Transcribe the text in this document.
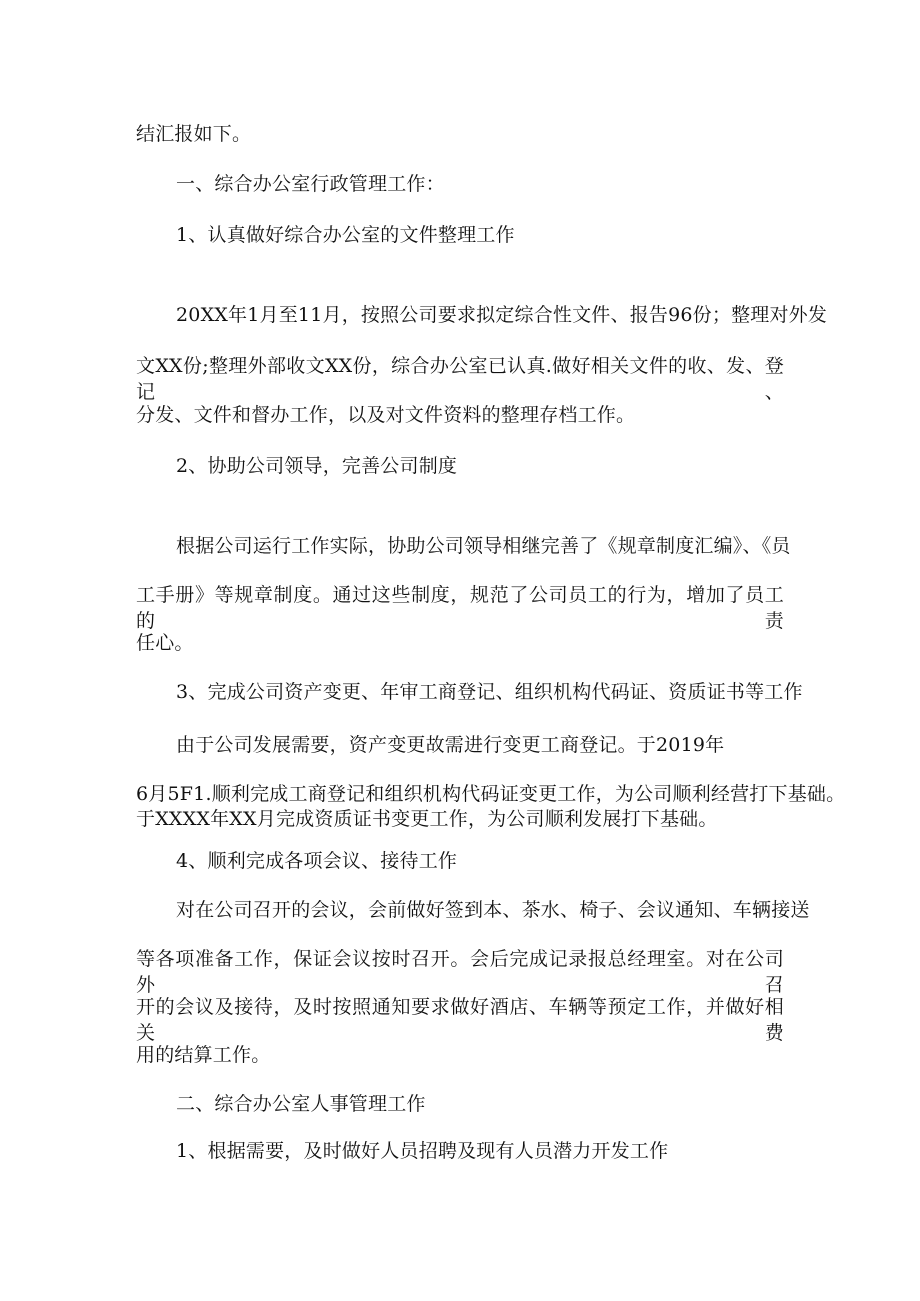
结汇报如下。
一、综合办公室行政管理工作：
1、认真做好综合办公室的文件整理工作
20XX年1月至11月，按照公司要求拟定综合性文件、报告96份；整理对外发
文XX份;整理外部收文XX份，综合办公室已认真.做好相关文件的收、发、登记、
分发、文件和督办工作，以及对文件资料的整理存档工作。
2、协助公司领导，完善公司制度
根据公司运行工作实际，协助公司领导相继完善了《规章制度汇编》、《员
工手册》等规章制度。通过这些制度，规范了公司员工的行为，增加了员工的责
任心。
3、完成公司资产变更、年审工商登记、组织机构代码证、资质证书等工作
由于公司发展需要，资产变更故需进行变更工商登记。于2019年
6月5F1.顺利完成工商登记和组织机构代码证变更工作，为公司顺利经营打下基础。
于XXXX年XX月完成资质证书变更工作，为公司顺利发展打下基础。
4、顺利完成各项会议、接待工作
对在公司召开的会议，会前做好签到本、茶水、椅子、会议通知、车辆接送
等各项准备工作，保证会议按时召开。会后完成记录报总经理室。对在公司外召
开的会议及接待，及时按照通知要求做好酒店、车辆等预定工作，并做好相关费
用的结算工作。
二、综合办公室人事管理工作
1、根据需要，及时做好人员招聘及现有人员潜力开发工作
